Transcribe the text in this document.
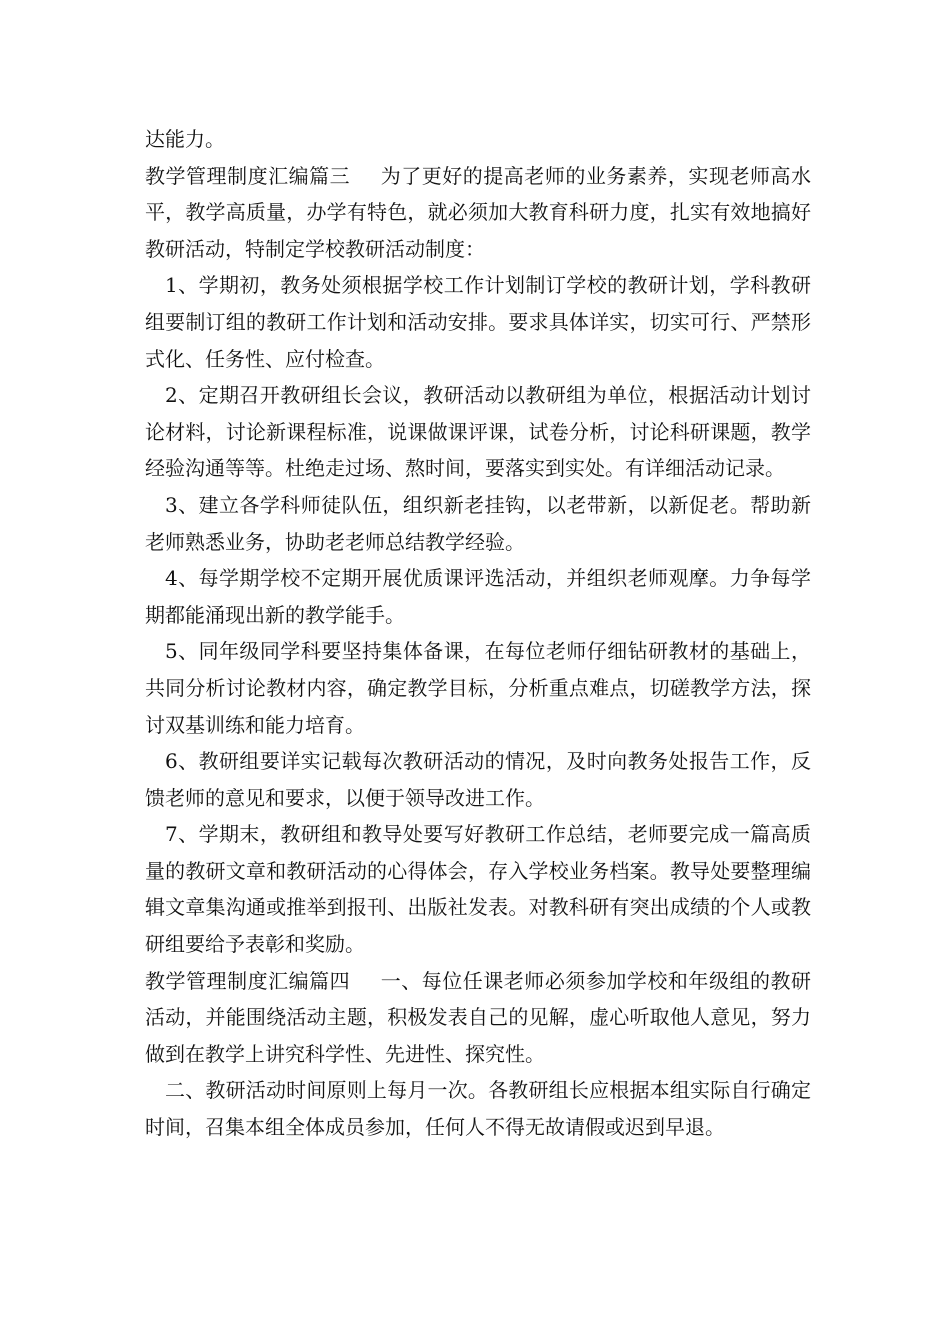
达能力。

教学管理制度汇编篇三 为了更好的提高老师的业务素养，实现老师高水平，教学高质量，办学有特色，就必须加大教育科研力度，扎实有效地搞好教研活动，特制定学校教研活动制度：

1、学期初，教务处须根据学校工作计划制订学校的教研计划，学科教研组要制订组的教研工作计划和活动安排。要求具体详实，切实可行、严禁形式化、任务性、应付检查。

2、定期召开教研组长会议，教研活动以教研组为单位，根据活动计划讨论材料，讨论新课程标准，说课做课评课，试卷分析，讨论科研课题，教学经验沟通等等。杜绝走过场、熬时间，要落实到实处。有详细活动记录。

3、建立各学科师徒队伍，组织新老挂钩，以老带新，以新促老。帮助新老师熟悉业务，协助老老师总结教学经验。

4、每学期学校不定期开展优质课评选活动，并组织老师观摩。力争每学期都能涌现出新的教学能手。

5、同年级同学科要坚持集体备课，在每位老师仔细钻研教材的基础上，共同分析讨论教材内容，确定教学目标，分析重点难点，切磋教学方法，探讨双基训练和能力培育。

6、教研组要详实记载每次教研活动的情况，及时向教务处报告工作，反馈老师的意见和要求，以便于领导改进工作。

7、学期末，教研组和教导处要写好教研工作总结，老师要完成一篇高质量的教研文章和教研活动的心得体会，存入学校业务档案。教导处要整理编辑文章集沟通或推举到报刊、出版社发表。对教科研有突出成绩的个人或教研组要给予表彰和奖励。

教学管理制度汇编篇四 一、每位任课老师必须参加学校和年级组的教研活动，并能围绕活动主题，积极发表自己的见解，虚心听取他人意见，努力做到在教学上讲究科学性、先进性、探究性。

二、教研活动时间原则上每月一次。各教研组长应根据本组实际自行确定时间，召集本组全体成员参加，任何人不得无故请假或迟到早退。
